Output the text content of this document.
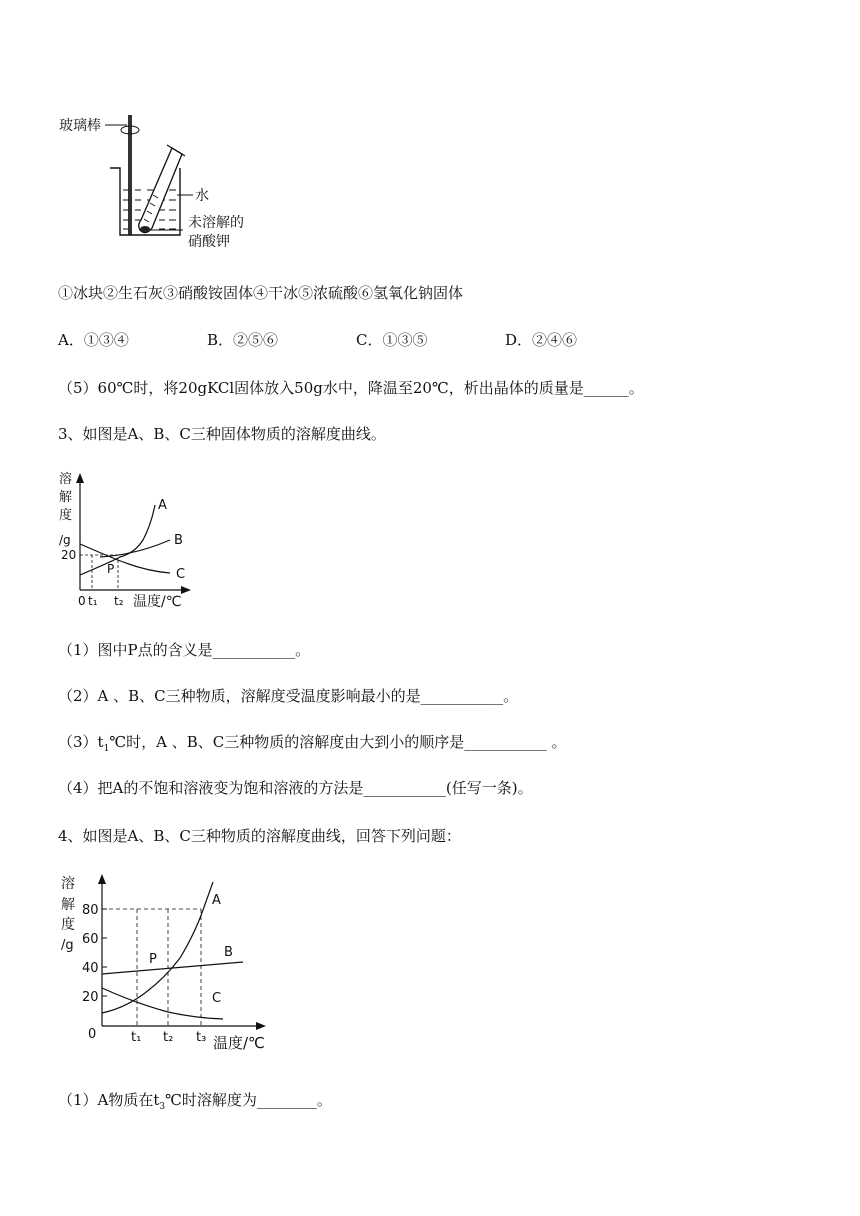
玻璃棒
水
未溶解的
硝酸钾
①冰块②生石灰③硝酸铵固体④干冰⑤浓硫酸⑥氢氧化钠固体
A．①③④	B．②⑤⑥	C．①③⑤	D．②④⑥
（5）60℃时，将20gKCl固体放入50g水中，降温至20℃，析出晶体的质量是______。
3、如图是A、B、C三种固体物质的溶解度曲线。
溶
解
度
/g
20
0 t₁ t₂ 温度/℃
A
B
C
P
（1）图中P点的含义是___________。
（2）A 、B、C三种物质，溶解度受温度影响最小的是___________。
$(3)t_1℃$时，A 、B、C三种物质的溶解度由大到小的顺序是___________ 。
（4）把A的不饱和溶液变为饱和溶液的方法是___________(任写一条)。
4、如图是A、B、C三种物质的溶解度曲线，回答下列问题：
溶
解
度
/g
80
60
40
20
0	t₁ t₂ t₃ 温度/℃
A
B
C
P
（1）A物质在$t_3℃$时溶解度为________。
